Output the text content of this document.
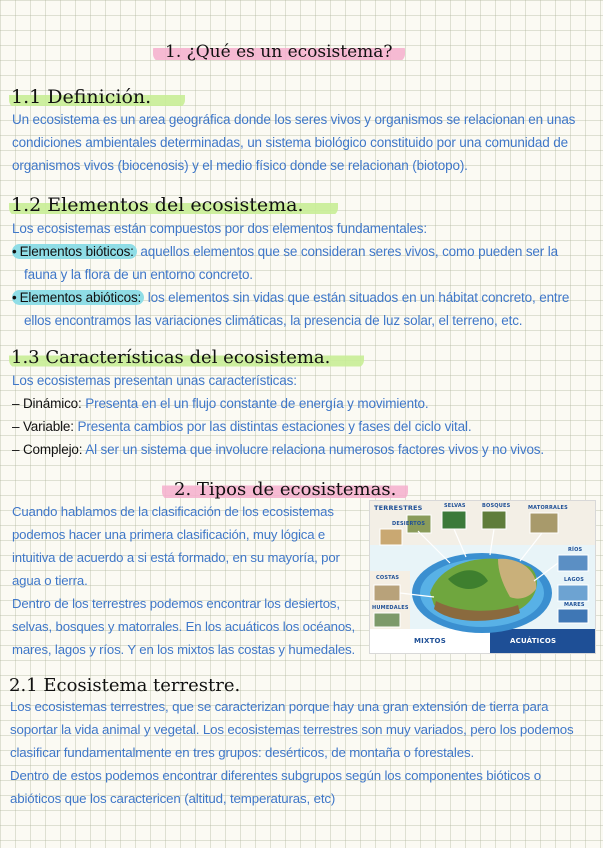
1. ¿Qué es un ecosistema?
1.1 Definición.
Un ecosistema es un area geográfica donde los seres vivos y organismos se relacionan en unas
condiciones ambientales determinadas, un sistema biológico constituido por una comunidad de
organismos vivos (biocenosis) y el medio físico donde se relacionan (biotopo).
1.2 Elementos del ecosistema.
Los ecosistemas están compuestos por dos elementos fundamentales:
• Elementos bióticos: aquellos elementos que se consideran seres vivos, como pueden ser la
fauna y la flora de un entorno concreto.
• Elementos abióticos: los elementos sin vidas que están situados en un hábitat concreto, entre
ellos encontramos las variaciones climáticas, la presencia de luz solar, el terreno, etc.
1.3 Características del ecosistema.
Los ecosistemas presentan unas características:
– Dinámico: Presenta en el un flujo constante de energía y movimiento.
– Variable: Presenta cambios por las distintas estaciones y fases del ciclo vital.
– Complejo: Al ser un sistema que involucre relaciona numerosos factores vivos y no vivos.
2. Tipos de ecosistemas.
Cuando hablamos de la clasificación de los ecosistemas
podemos hacer una primera clasificación, muy lógica e
intuitiva de acuerdo a si está formado, en su mayoría, por
agua o tierra.
Dentro de los terrestres podemos encontrar los desiertos,
selvas, bosques y matorrales. En los acuáticos los océanos,
mares, lagos y ríos. Y en los mixtos las costas y humedales.
TERRESTRES	SELVAS	BOSQUES	MATORRALES
DESIERTOS
RÍOS
LAGOS
MARES
COSTAS
HUMEDALES
MIXTOS	ACUÁTICOS
2.1 Ecosistema terrestre.
Los ecosistemas terrestres, que se caracterizan porque hay una gran extensión de tierra para
soportar la vida animal y vegetal. Los ecosistemas terrestres son muy variados, pero los podemos
clasificar fundamentalmente en tres grupos: desérticos, de montaña o forestales.
Dentro de estos podemos encontrar diferentes subgrupos según los componentes bióticos o
abióticos que los caractericen (altitud, temperaturas, etc)
